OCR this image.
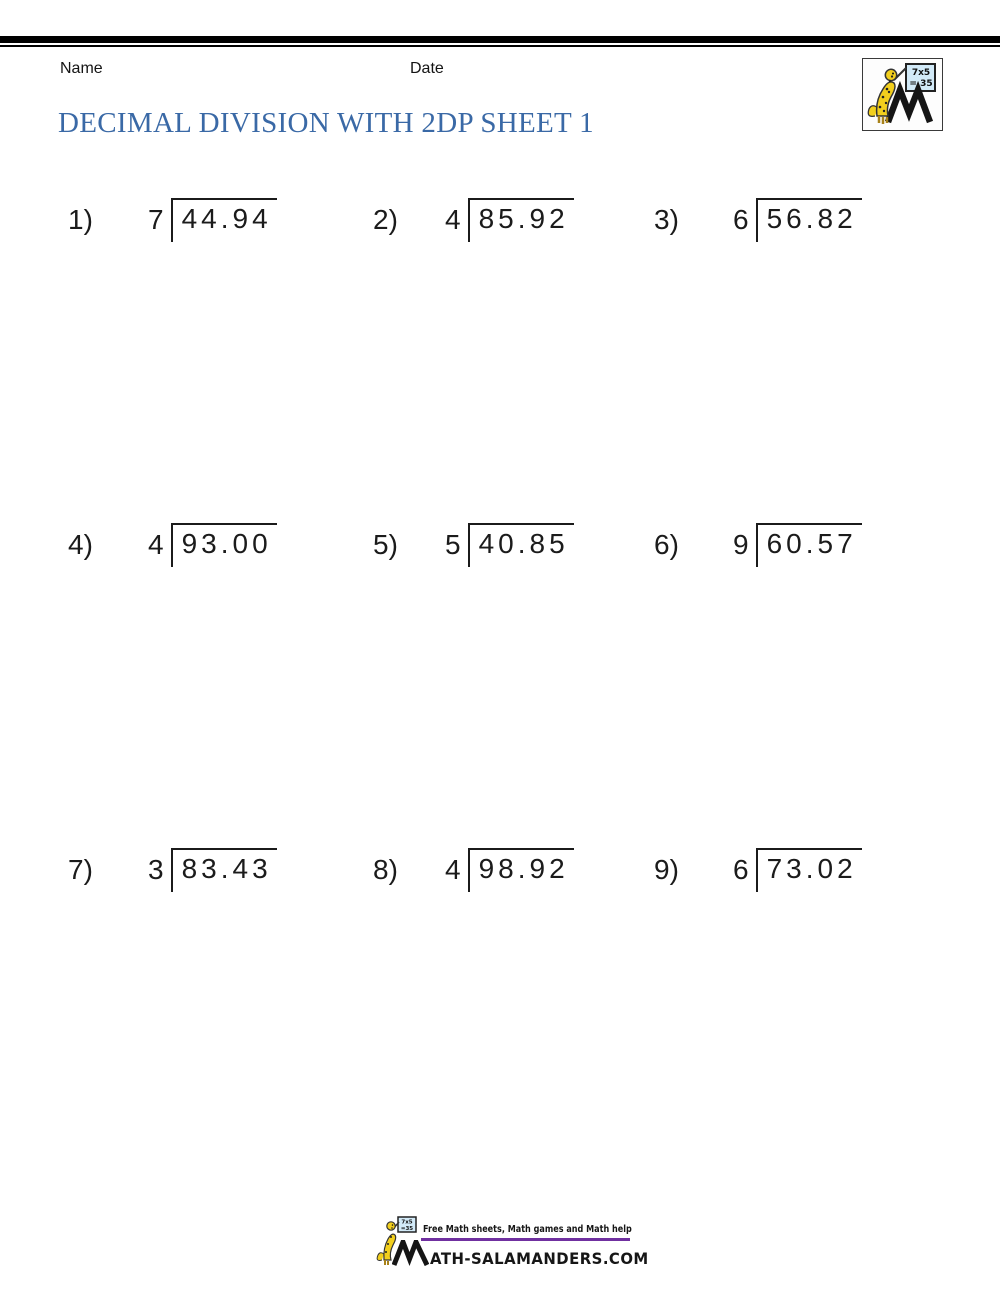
Name	Date	7x5
= 35
DECIMAL DIVISION WITH 2DP SHEET 1
1)	7 44.94	2)	4 85.92	3)	6 56.82
4)	4 93.00	5)	5 40.85	6)	9 60.57
7)	3 83.43	8)	4 98.92	9)	6 73.02
7x5
=35 Free Math sheets, Math games and Math help
ATH-SALAMANDERS.COM
